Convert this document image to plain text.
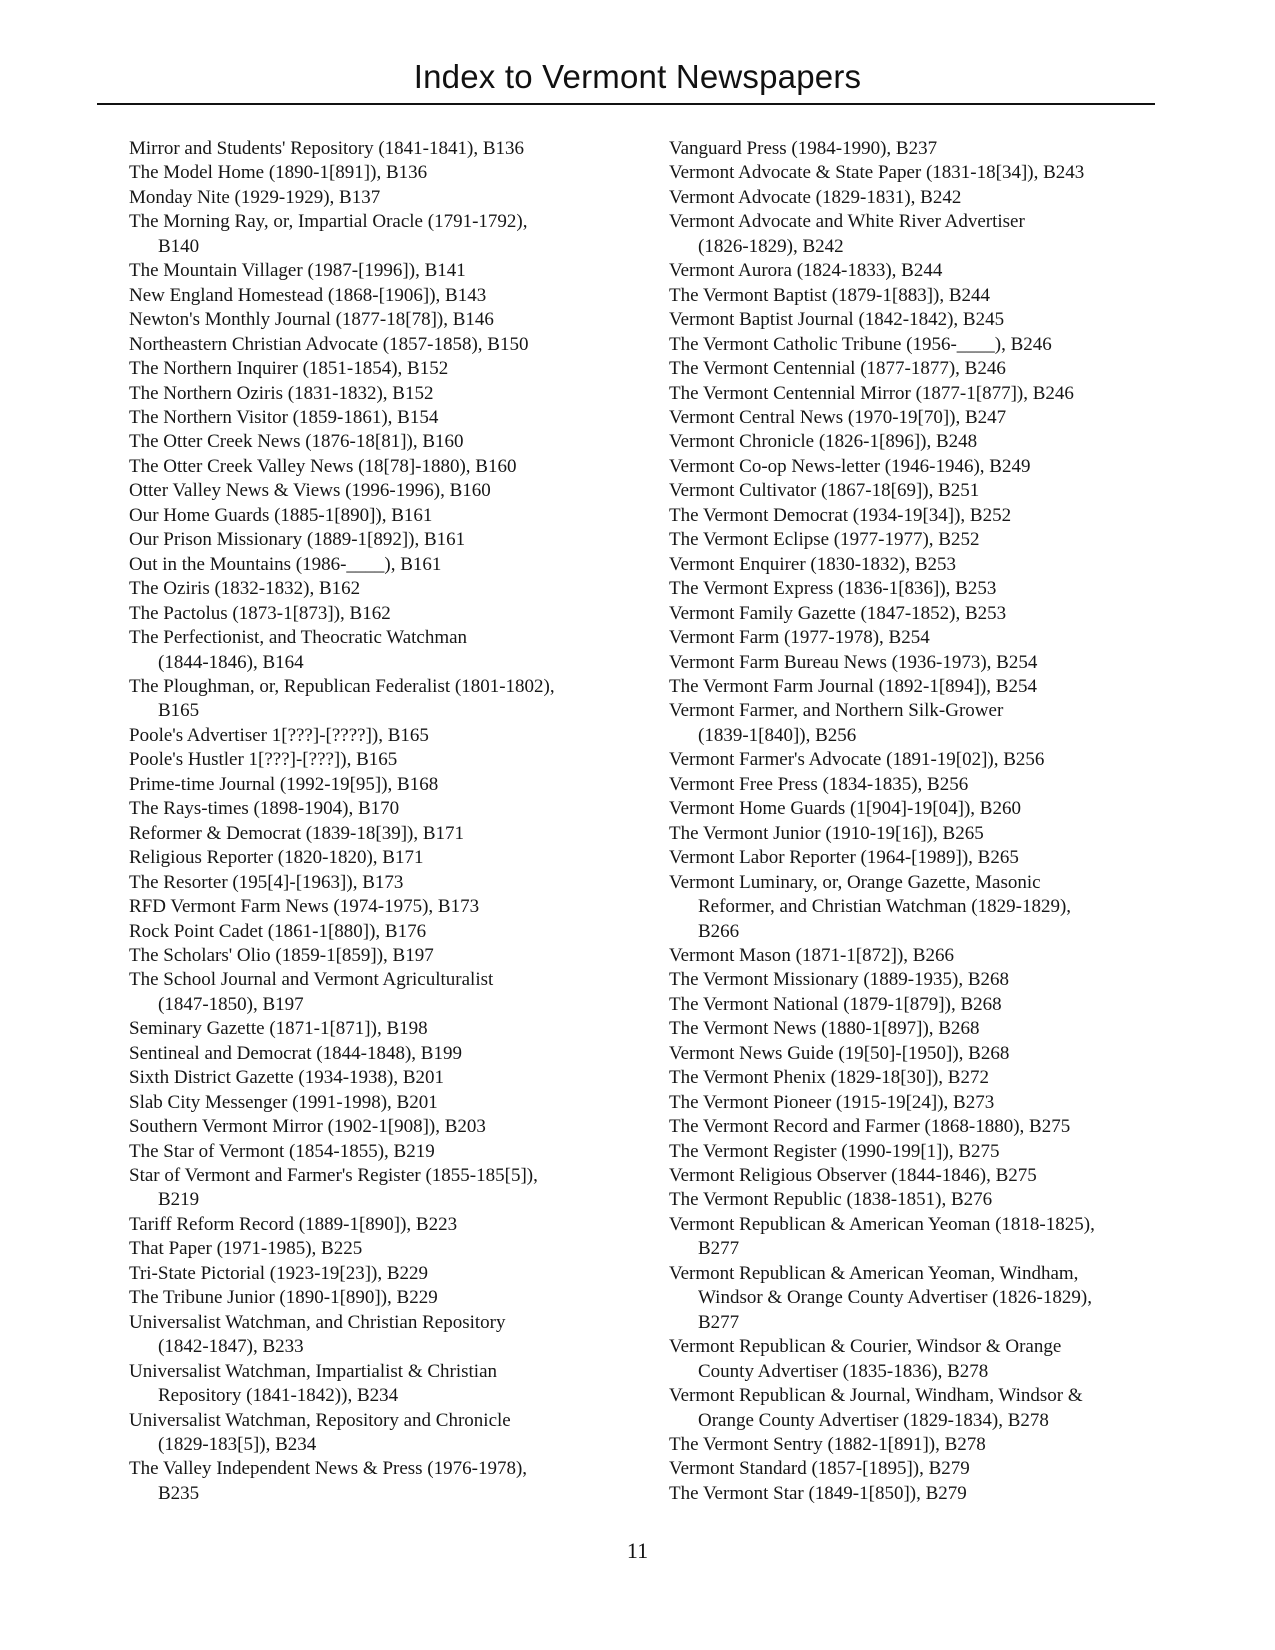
Index to Vermont Newspapers
Mirror and Students' Repository (1841-1841), B136
The Model Home (1890-1[891]), B136
Monday Nite (1929-1929), B137
The Morning Ray, or, Impartial Oracle (1791-1792),
B140
The Mountain Villager (1987-[1996]), B141
New England Homestead (1868-[1906]), B143
Newton's Monthly Journal (1877-18[78]), B146
Northeastern Christian Advocate (1857-1858), B150
The Northern Inquirer (1851-1854), B152
The Northern Oziris (1831-1832), B152
The Northern Visitor (1859-1861), B154
The Otter Creek News (1876-18[81]), B160
The Otter Creek Valley News (18[78]-1880), B160
Otter Valley News & Views (1996-1996), B160
Our Home Guards (1885-1[890]), B161
Our Prison Missionary (1889-1[892]), B161
Out in the Mountains (1986-____), B161
The Oziris (1832-1832), B162
The Pactolus (1873-1[873]), B162
The Perfectionist, and Theocratic Watchman
(1844-1846), B164
The Ploughman, or, Republican Federalist (1801-1802),
B165
Poole's Advertiser 1[???]-[????]), B165
Poole's Hustler 1[???]-[???]), B165
Prime-time Journal (1992-19[95]), B168
The Rays-times (1898-1904), B170
Reformer & Democrat (1839-18[39]), B171
Religious Reporter (1820-1820), B171
The Resorter (195[4]-[1963]), B173
RFD Vermont Farm News (1974-1975), B173
Rock Point Cadet (1861-1[880]), B176
The Scholars' Olio (1859-1[859]), B197
The School Journal and Vermont Agriculturalist
(1847-1850), B197
Seminary Gazette (1871-1[871]), B198
Sentineal and Democrat (1844-1848), B199
Sixth District Gazette (1934-1938), B201
Slab City Messenger (1991-1998), B201
Southern Vermont Mirror (1902-1[908]), B203
The Star of Vermont (1854-1855), B219
Star of Vermont and Farmer's Register (1855-185[5]),
B219
Tariff Reform Record (1889-1[890]), B223
That Paper (1971-1985), B225
Tri-State Pictorial (1923-19[23]), B229
The Tribune Junior (1890-1[890]), B229
Universalist Watchman, and Christian Repository
(1842-1847), B233
Universalist Watchman, Impartialist & Christian
Repository (1841-1842)), B234
Universalist Watchman, Repository and Chronicle
(1829-183[5]), B234
The Valley Independent News & Press (1976-1978),
B235
Vanguard Press (1984-1990), B237
Vermont Advocate & State Paper (1831-18[34]), B243
Vermont Advocate (1829-1831), B242
Vermont Advocate and White River Advertiser
(1826-1829), B242
Vermont Aurora (1824-1833), B244
The Vermont Baptist (1879-1[883]), B244
Vermont Baptist Journal (1842-1842), B245
The Vermont Catholic Tribune (1956-____), B246
The Vermont Centennial (1877-1877), B246
The Vermont Centennial Mirror (1877-1[877]), B246
Vermont Central News (1970-19[70]), B247
Vermont Chronicle (1826-1[896]), B248
Vermont Co-op News-letter (1946-1946), B249
Vermont Cultivator (1867-18[69]), B251
The Vermont Democrat (1934-19[34]), B252
The Vermont Eclipse (1977-1977), B252
Vermont Enquirer (1830-1832), B253
The Vermont Express (1836-1[836]), B253
Vermont Family Gazette (1847-1852), B253
Vermont Farm (1977-1978), B254
Vermont Farm Bureau News (1936-1973), B254
The Vermont Farm Journal (1892-1[894]), B254
Vermont Farmer, and Northern Silk-Grower
(1839-1[840]), B256
Vermont Farmer's Advocate (1891-19[02]), B256
Vermont Free Press (1834-1835), B256
Vermont Home Guards (1[904]-19[04]), B260
The Vermont Junior (1910-19[16]), B265
Vermont Labor Reporter (1964-[1989]), B265
Vermont Luminary, or, Orange Gazette, Masonic
Reformer, and Christian Watchman (1829-1829),
B266
Vermont Mason (1871-1[872]), B266
The Vermont Missionary (1889-1935), B268
The Vermont National (1879-1[879]), B268
The Vermont News (1880-1[897]), B268
Vermont News Guide (19[50]-[1950]), B268
The Vermont Phenix (1829-18[30]), B272
The Vermont Pioneer (1915-19[24]), B273
The Vermont Record and Farmer (1868-1880), B275
The Vermont Register (1990-199[1]), B275
Vermont Religious Observer (1844-1846), B275
The Vermont Republic (1838-1851), B276
Vermont Republican & American Yeoman (1818-1825),
B277
Vermont Republican & American Yeoman, Windham,
Windsor & Orange County Advertiser (1826-1829),
B277
Vermont Republican & Courier, Windsor & Orange
County Advertiser (1835-1836), B278
Vermont Republican & Journal, Windham, Windsor &
Orange County Advertiser (1829-1834), B278
The Vermont Sentry (1882-1[891]), B278
Vermont Standard (1857-[1895]), B279
The Vermont Star (1849-1[850]), B279
11
